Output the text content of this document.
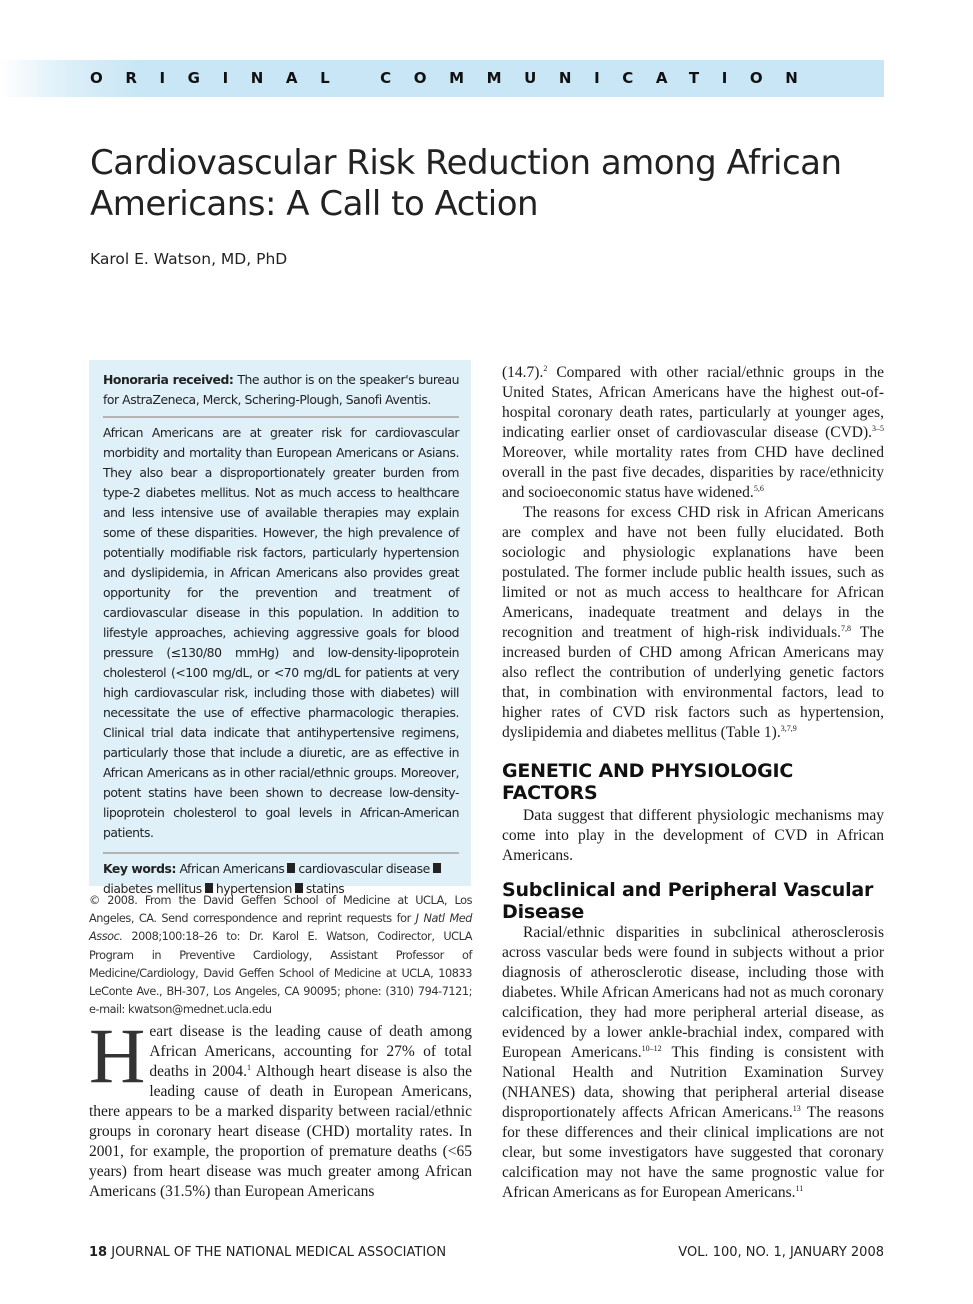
ORIGINAL COMMUNICATION
Cardiovascular Risk Reduction among African Americans: A Call to Action
Karol E. Watson, MD, PhD

Honoraria received: The author is on the speaker's bureau for AstraZeneca, Merck, Schering-Plough, Sanofi Aventis.

African Americans are at greater risk for cardiovascular morbidity and mortality than European Americans or Asians. They also bear a disproportionately greater burden from type-2 diabetes mellitus. Not as much access to healthcare and less intensive use of available therapies may explain some of these disparities. However, the high prevalence of potentially modifiable risk factors, particularly hypertension and dyslipidemia, in African Americans also provides great opportunity for the prevention and treatment of cardiovascular disease in this population. In addition to lifestyle approaches, achieving aggressive goals for blood pressure (≤130/80 mmHg) and low-density-lipoprotein cholesterol (<100 mg/dL, or <70 mg/dL for patients at very high cardiovascular risk, including those with diabetes) will necessitate the use of effective pharmacologic therapies. Clinical trial data indicate that antihypertensive regimens, particularly those that include a diuretic, are as effective in African Americans as in other racial/ethnic groups. Moreover, potent statins have been shown to decrease low-density-lipoprotein cholesterol to goal levels in African-American patients.

Key words: African Americans cardiovascular diseasediabetes mellitus hypertension statins

© 2008. From the David Geffen School of Medicine at UCLA, Los Angeles, CA. Send correspondence and reprint requests for J Natl Med Assoc. 2008;100:18–26 to: Dr. Karol E. Watson, Codirector, UCLA Program in Preventive Cardiology, Assistant Professor of Medicine/Cardiology, David Geffen School of Medicine at UCLA, 10833 LeConte Ave., BH-307, Los Angeles, CA 90095; phone: (310) 794-7121; e-mail: kwatson@mednet.ucla.edu
Heart disease is the leading cause of death among African Americans, accounting for 27% of total deaths in 2004.$^1$ Although heart disease is also the leading cause of death in European Americans, there appears to be a marked disparity between racial/ethnic groups in coronary heart disease (CHD) mortality rates. In 2001, for example, the proportion of premature deaths (<65 years) from heart disease was much greater among African Americans (31.5%) than European Americans

(14.7).$^2$ Compared with other racial/ethnic groups in the United States, African Americans have the highest out-of-hospital coronary death rates, particularly at younger ages, indicating earlier onset of cardiovascular disease (CVD).$^{3-5}$ Moreover, while mortality rates from CHD have declined overall in the past five decades, disparities by race/ethnicity and socioeconomic status have widened.$^{5,6}$

The reasons for excess CHD risk in African Americans are complex and have not been fully elucidated. Both sociologic and physiologic explanations have been postulated. The former include public health issues, such as limited or not as much access to healthcare for African Americans, inadequate treatment and delays in the recognition and treatment of high-risk individuals.$^{7,8}$ The increased burden of CHD among African Americans may also reflect the contribution of underlying genetic factors that, in combination with environmental factors, lead to higher rates of CVD risk factors such as hypertension, dyslipidemia and diabetes mellitus (Table 1).$^{3,7,9}$

GENETIC AND PHYSIOLOGIC FACTORS

Data suggest that different physiologic mechanisms may come into play in the development of CVD in African Americans.

Subclinical and Peripheral Vascular Disease

Racial/ethnic disparities in subclinical atherosclerosis across vascular beds were found in subjects without a prior diagnosis of atherosclerotic disease, including those with diabetes. While African Americans had not as much coronary calcification, they had more peripheral arterial disease, as evidenced by a lower ankle-brachial index, compared with European Americans.$^{10-12}$ This finding is consistent with National Health and Nutrition Examination Survey (NHANES) data, showing that peripheral arterial disease disproportionately affects African Americans.$^{13}$ The reasons for these differences and their clinical implications are not clear, but some investigators have suggested that coronary calcification may not have the same prognostic value for African Americans as for European Americans.$^{11}$

18 JOURNAL OF THE NATIONAL MEDICAL ASSOCIATION	VOL. 100, NO. 1, JANUARY 2008
